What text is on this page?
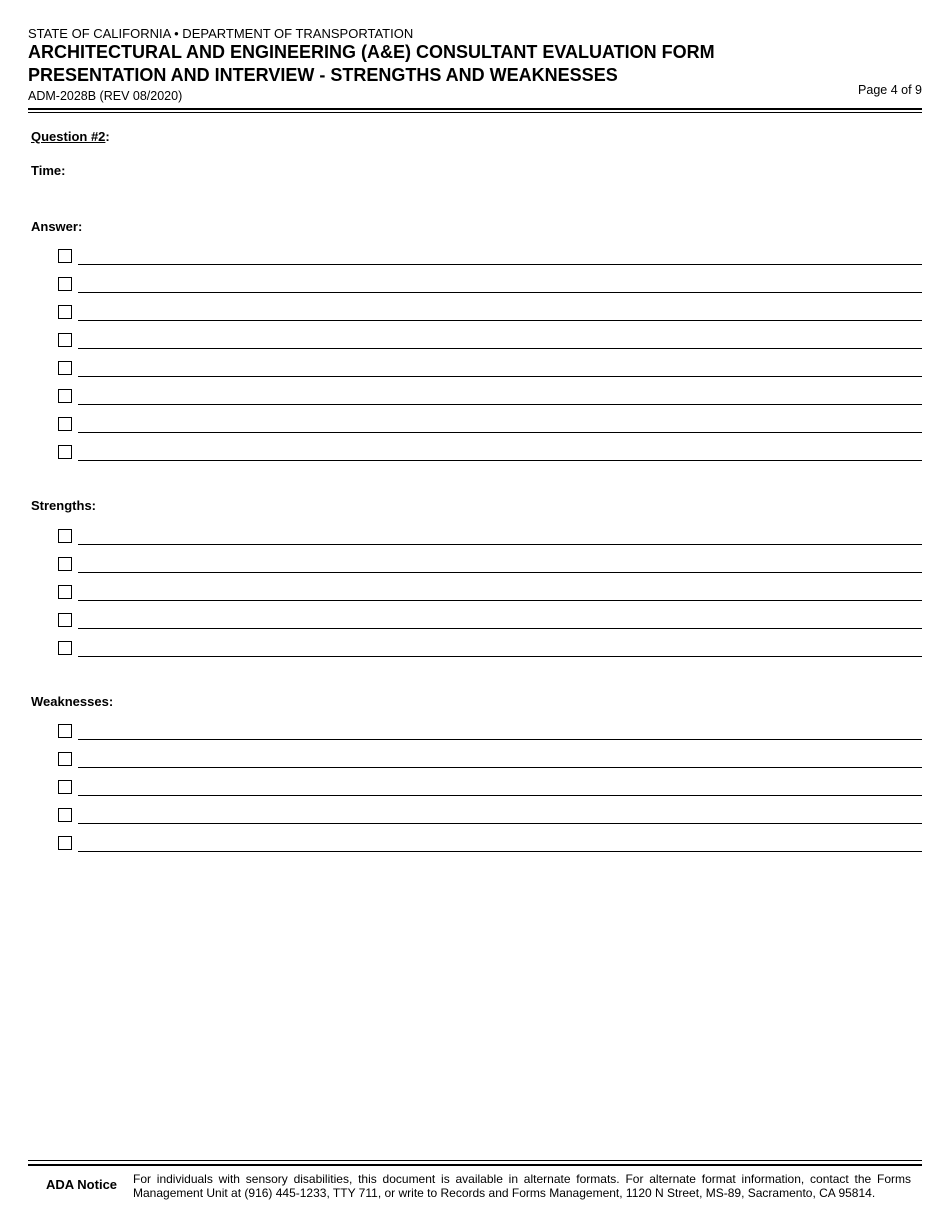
STATE OF CALIFORNIA • DEPARTMENT OF TRANSPORTATION
ARCHITECTURAL AND ENGINEERING (A&E) CONSULTANT EVALUATION FORM
PRESENTATION AND INTERVIEW - STRENGTHS AND WEAKNESSES
ADM-2028B (REV 08/2020)	Page 4 of 9
Question #2:
Time:
Answer:
Strengths:
Weaknesses:
ADA Notice For individuals with sensory disabilities, this document is available in alternate formats. For alternate format information, contact the Forms Management Unit at (916) 445-1233, TTY 711, or write to Records and Forms Management, 1120 N Street, MS-89, Sacramento, CA 95814.
